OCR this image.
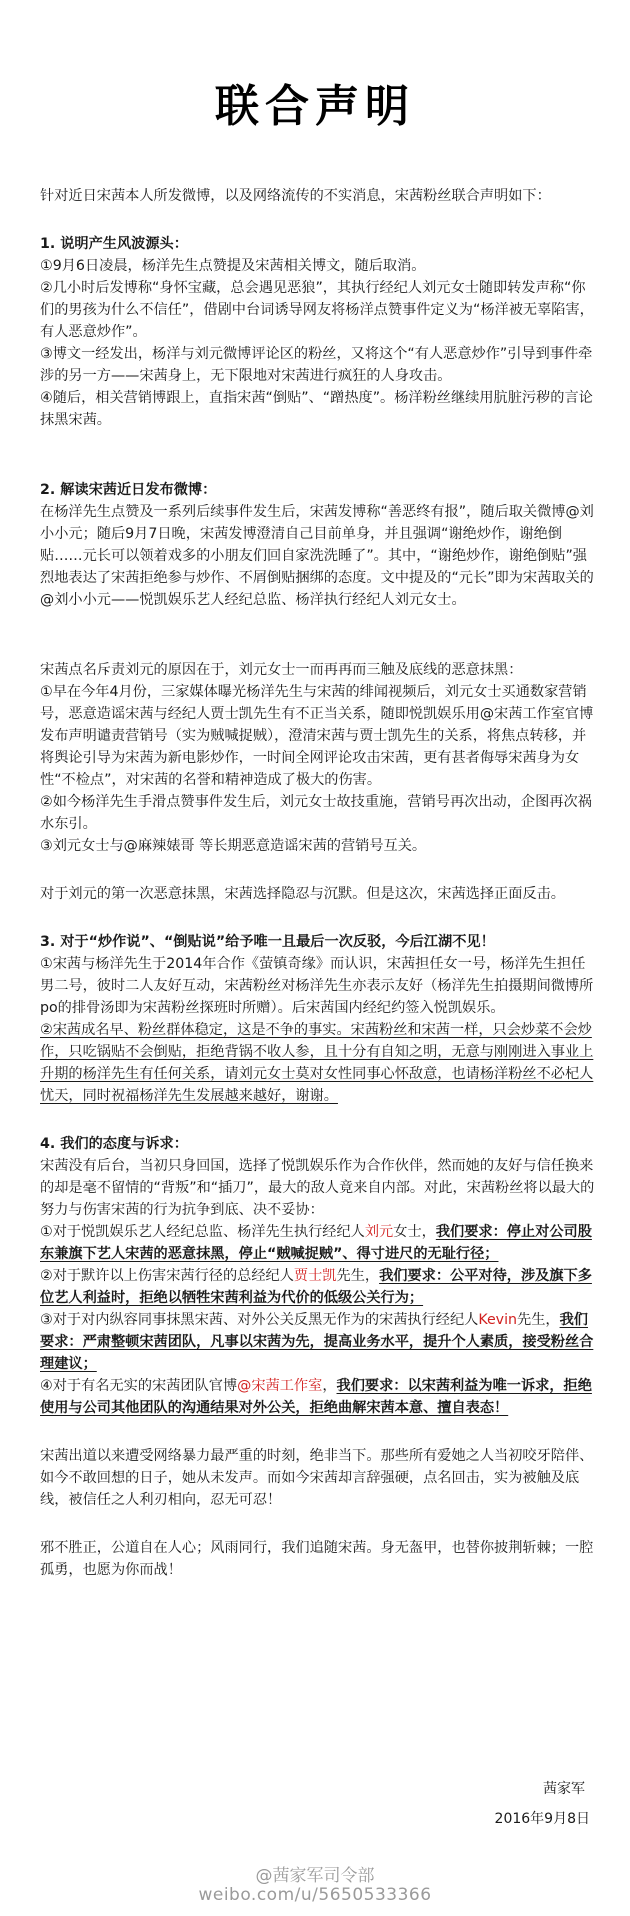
联合声明

针对近日宋茜本人所发微博，以及网络流传的不实消息，宋茜粉丝联合声明如下：

1. 说明产生风波源头：

①9月6日凌晨，杨洋先生点赞提及宋茜相关博文，随后取消。

②几小时后发博称“身怀宝藏，总会遇见恶狼”，其执行经纪人刘元女士随即转发声称“你们的男孩为什么不信任”，借剧中台词诱导网友将杨洋点赞事件定义为“杨洋被无辜陷害，有人恶意炒作”。

③博文一经发出，杨洋与刘元微博评论区的粉丝，又将这个“有人恶意炒作”引导到事件牵涉的另一方——宋茜身上，无下限地对宋茜进行疯狂的人身攻击。

④随后，相关营销博跟上，直指宋茜“倒贴”、“蹭热度”。杨洋粉丝继续用肮脏污秽的言论抹黑宋茜。

2. 解读宋茜近日发布微博：

在杨洋先生点赞及一系列后续事件发生后，宋茜发博称“善恶终有报”，随后取关微博@刘小小元；随后9月7日晚，宋茜发博澄清自己目前单身，并且强调“谢绝炒作，谢绝倒贴……元长可以领着戏多的小朋友们回自家洗洗睡了”。其中，“谢绝炒作，谢绝倒贴”强烈地表达了宋茜拒绝参与炒作、不屑倒贴捆绑的态度。文中提及的“元长”即为宋茜取关的@刘小小元——悦凯娱乐艺人经纪总监、杨洋执行经纪人刘元女士。

宋茜点名斥责刘元的原因在于，刘元女士一而再再而三触及底线的恶意抹黑：

①早在今年4月份，三家媒体曝光杨洋先生与宋茜的绯闻视频后，刘元女士买通数家营销号，恶意造谣宋茜与经纪人贾士凯先生有不正当关系，随即悦凯娱乐用@宋茜工作室官博发布声明谴责营销号（实为贼喊捉贼），澄清宋茜与贾士凯先生的关系，将焦点转移，并将舆论引导为宋茜为新电影炒作，一时间全网评论攻击宋茜，更有甚者侮辱宋茜身为女性“不检点”，对宋茜的名誉和精神造成了极大的伤害。

②如今杨洋先生手滑点赞事件发生后，刘元女士故技重施，营销号再次出动，企图再次祸水东引。

③刘元女士与@麻辣婊哥 等长期恶意造谣宋茜的营销号互关。

对于刘元的第一次恶意抹黑，宋茜选择隐忍与沉默。但是这次，宋茜选择正面反击。

3. 对于“炒作说”、“倒贴说”给予唯一且最后一次反驳，今后江湖不见！

①宋茜与杨洋先生于2014年合作《萤镇奇缘》而认识，宋茜担任女一号，杨洋先生担任男二号，彼时二人友好互动，宋茜粉丝对杨洋先生亦表示友好（杨洋先生拍摄期间微博所po的排骨汤即为宋茜粉丝探班时所赠）。后宋茜国内经纪约签入悦凯娱乐。

②宋茜成名早、粉丝群体稳定，这是不争的事实。宋茜粉丝和宋茜一样，只会炒菜不会炒作，只吃锅贴不会倒贴，拒绝背锅不收人参，且十分有自知之明，无意与刚刚进入事业上升期的杨洋先生有任何关系，请刘元女士莫对女性同事心怀敌意，也请杨洋粉丝不必杞人忧天，同时祝福杨洋先生发展越来越好，谢谢。

4. 我们的态度与诉求：

宋茜没有后台，当初只身回国，选择了悦凯娱乐作为合作伙伴，然而她的友好与信任换来的却是毫不留情的“背叛”和“插刀”，最大的敌人竟来自内部。对此，宋茜粉丝将以最大的努力与伤害宋茜的行为抗争到底、决不妥协：

①对于悦凯娱乐艺人经纪总监、杨洋先生执行经纪人刘元女士，我们要求：停止对公司股东兼旗下艺人宋茜的恶意抹黑，停止“贼喊捉贼”、得寸进尺的无耻行径；

②对于默许以上伤害宋茜行径的总经纪人贾士凯先生，我们要求：公平对待，涉及旗下多位艺人利益时，拒绝以牺牲宋茜利益为代价的低级公关行为；

③对于对内纵容同事抹黑宋茜、对外公关反黑无作为的宋茜执行经纪人Kevin先生，我们要求：严肃整顿宋茜团队，凡事以宋茜为先，提高业务水平，提升个人素质，接受粉丝合理建议；

④对于有名无实的宋茜团队官博@宋茜工作室，我们要求：以宋茜利益为唯一诉求，拒绝使用与公司其他团队的沟通结果对外公关，拒绝曲解宋茜本意、擅自表态！

宋茜出道以来遭受网络暴力最严重的时刻，绝非当下。那些所有爱她之人当初咬牙陪伴、如今不敢回想的日子，她从未发声。而如今宋茜却言辞强硬，点名回击，实为被触及底线，被信任之人利刃相向，忍无可忍！

邪不胜正，公道自在人心；风雨同行，我们追随宋茜。身无盔甲，也替你披荆斩棘；一腔孤勇，也愿为你而战！

茜家军
2016年9月8日
@茜家军司令部
weibo.com/u/5650533366
